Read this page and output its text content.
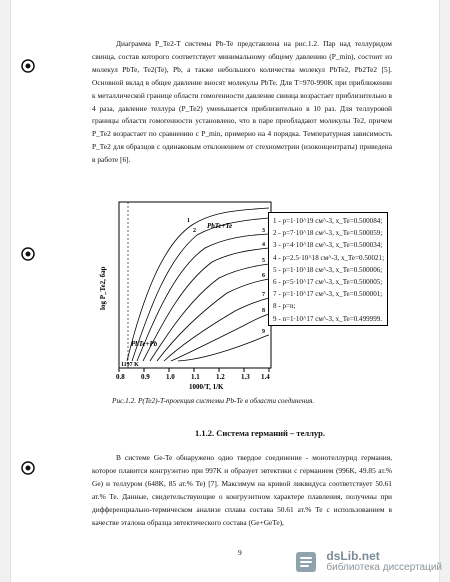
Диаграмма P_Te2-T системы Pb-Te представлена на рис.1.2. Пар над теллуридом свинца, состав которого соответствует минимальному общему давлению (P_min), состоит из молекул PbTe, Te2(Te), Pb, а также небольшого количества молекул PbTe2, Pb2Te2 [5]. Основной вклад в общее давление вносят молекулы PbTe. Для T=970-990K при приближении к металлической границе области гомогенности давление свинца возрастает приблизительно в 4 раза, давление теллура (P_Te2) уменьшается приблизительно в 10 раз. Для теллуровой границы области гомогенности установлено, что в паре преобладают молекулы Te2, причем P_Te2 возрастает по сравнению с P_min, примерно на 4 порядка. Температурная зависимость P_Te2 для образцов с одинаковым отклонением от стехиометрии (изоконцентраты) приведена в работе [6].

0.8 0.9 1.0 1.1 1.2 1.3 1.4
1000/T, 1/K
log P_Te2, бар
1197 K
PbTe+Te
PbTe+Pb
1
2	3
4
5
6
7
8
9
1 - p=1·10^19 см^-3, x_Te=0.500084;
2 - p=7·10^18 см^-3, x_Te=0.500059;
3 - p=4·10^18 см^-3, x_Te=0.500034;
4 - p=2.5·10^18 см^-3, x_Te=0.50021;
5 - p=1·10^18 см^-3, x_Te=0.500006;
6 - p=5·10^17 см^-3, x_Te=0.500005;
7 - p=1·10^17 см^-3, x_Te=0.500001;
8 - p=n;
9 - n=1·10^17 см^-3, x_Te=0.499999.
Рис.1.2. P(Te2)-T-проекция системы Pb-Te в области соединения.
1.1.2. Система германий – теллур.

В системе Ge-Te обнаружено одно твердое соединение - монотеллурид германия, которое плавится конгруэнтно при 997K и образует эвтектики с германием (996K, 49.85 ат.% Ge) и теллуром (648K, 85 ат.% Te) [7]. Максимум на кривой ликвидуса соответствует 50.61 ат.% Te. Данные, свидетельствующие о конгруэнтном характере плавления, получены при дифференциально-термическом анализе сплава состава 50.61 ат.% Te с использованием в качестве эталона образца эвтектического состава (Ge+GeTe),

9	dsLib.net
библиотека диссертаций
